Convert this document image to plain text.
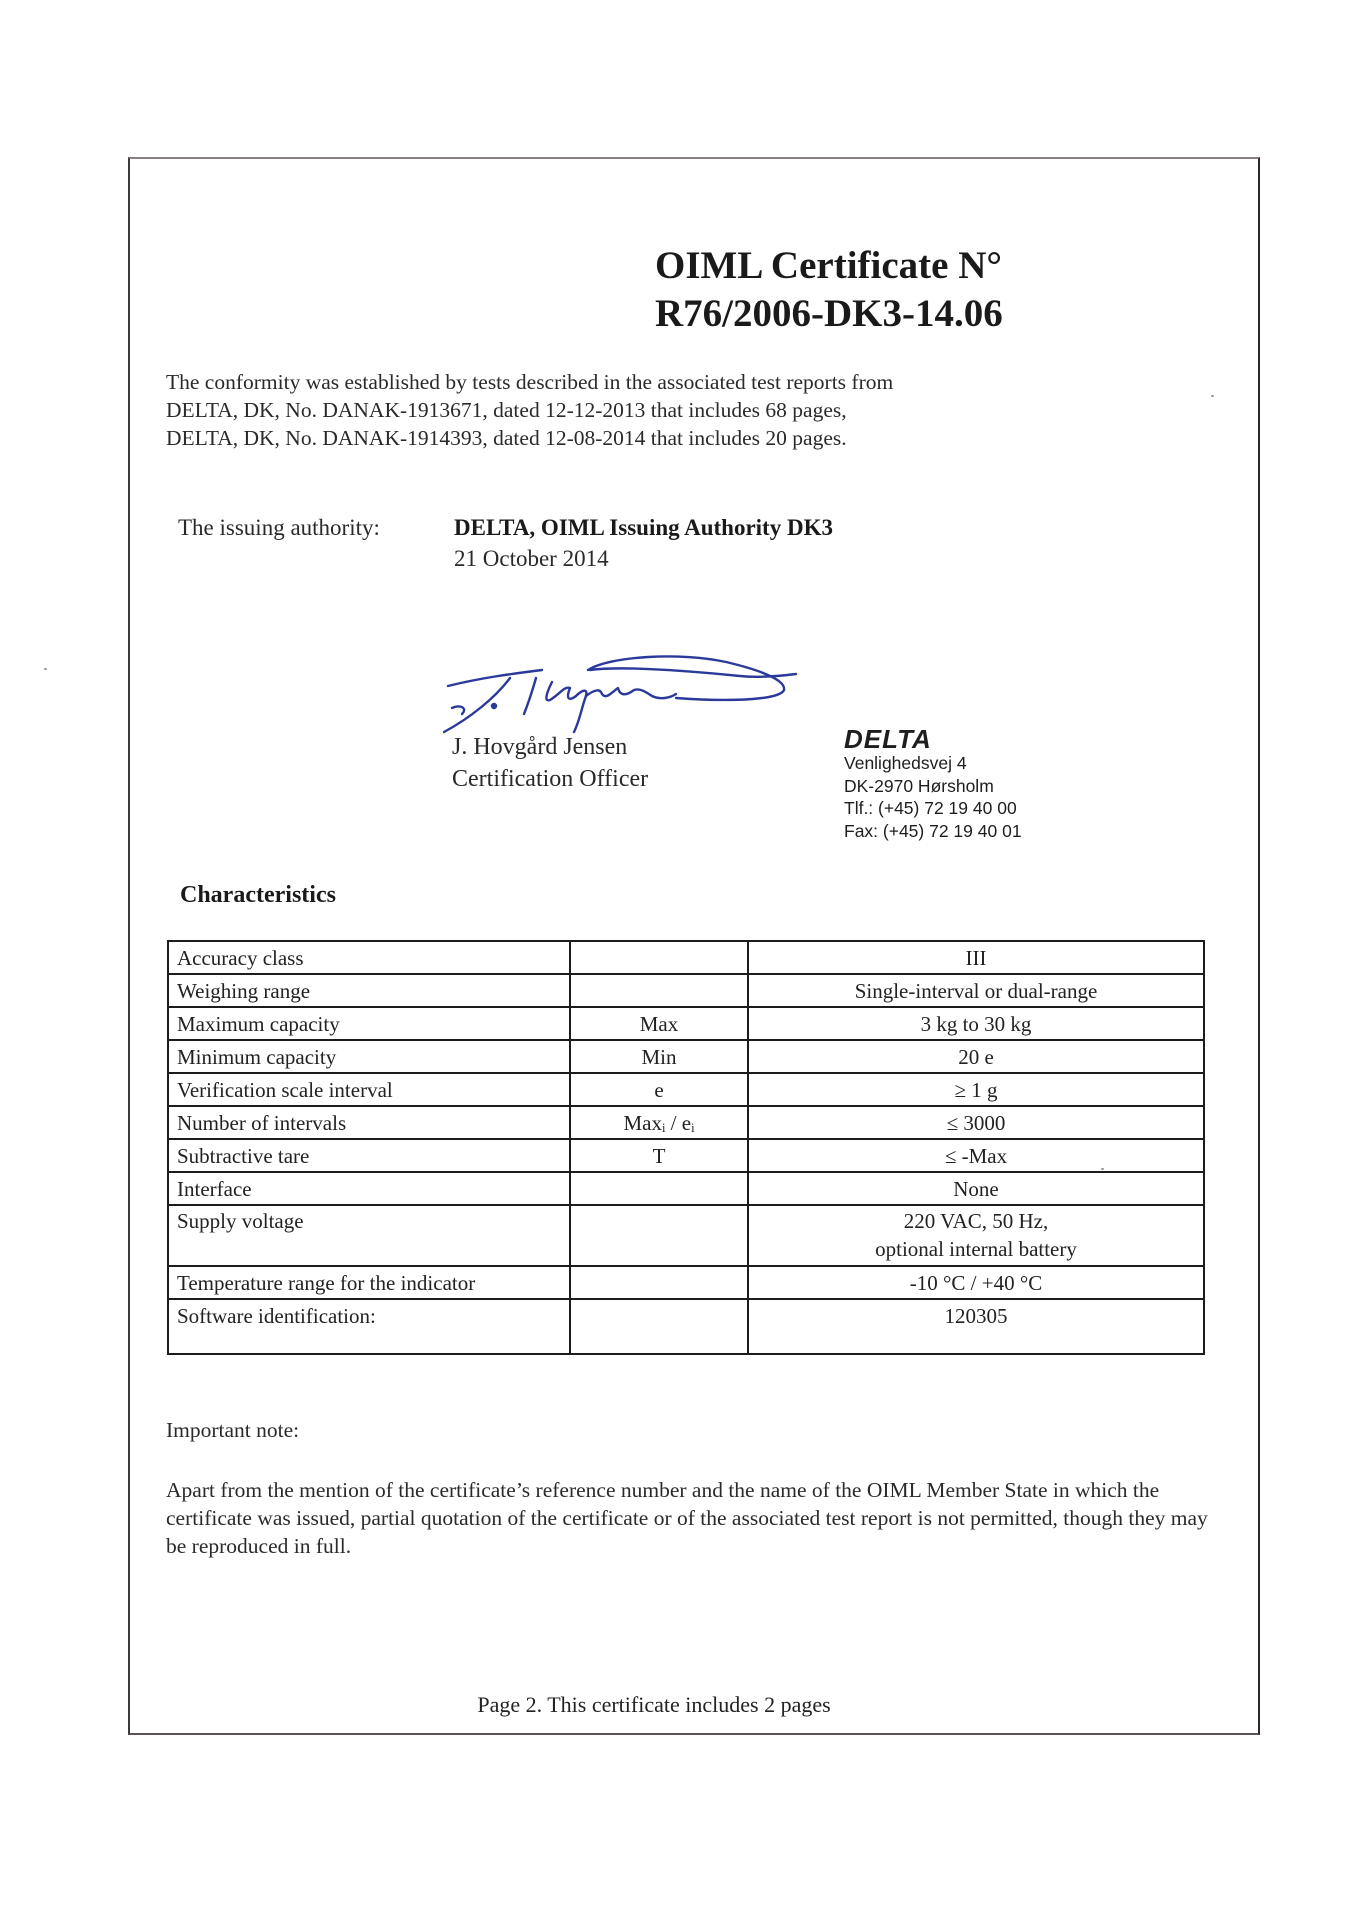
OIML Certificate N°
R76/2006-DK3-14.06
The conformity was established by tests described in the associated test reports from
DELTA, DK, No. DANAK-1913671, dated 12-12-2013 that includes 68 pages,
DELTA, DK, No. DANAK-1914393, dated 12-08-2014 that includes 20 pages.
The issuing authority:	DELTA, OIML Issuing Authority DK3
21 October 2014
J. Hovgård Jensen
Certification Officer
DELTA
Venlighedsvej 4
DK-2970 Hørsholm
Tlf.: (+45) 72 19 40 00
Fax: (+45) 72 19 40 01
Characteristics
Accuracy class		III
Weighing range		Single-interval or dual-range
Maximum capacity	Max	3 kg to 30 kg
Minimum capacity	Min	20 e
Verification scale interval	e	≥ 1 g
Number of intervals	Maxᵢ / eᵢ	≤ 3000
Subtractive tare	T	≤ -Max
Interface		None
Supply voltage		220 VAC, 50 Hz,
optional internal battery

Temperature range for the indicator		-10 °C / +40 °C
Software identification:		120305
Important note:
Apart from the mention of the certificate’s reference number and the name of the OIML Member State in which the certificate was issued, partial quotation of the certificate or of the associated test report is not permitted, though they may be reproduced in full.
Page 2. This certificate includes 2 pages
